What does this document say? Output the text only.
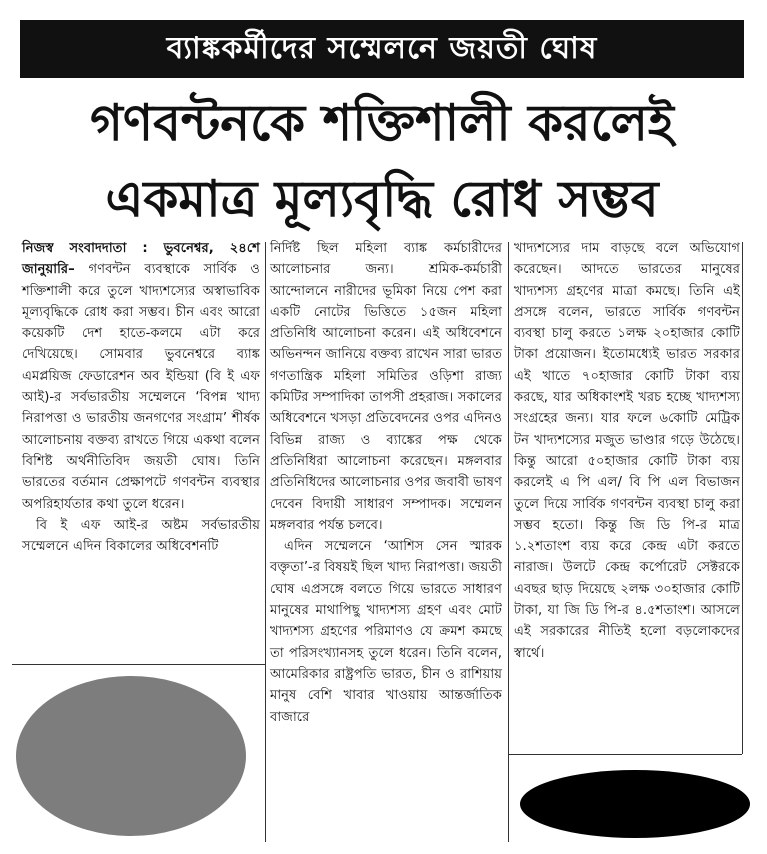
ব্যাঙ্ককর্মীদের সম্মেলনে জয়তী ঘোষ
গণবন্টনকে শক্তিশালী করলেই
একমাত্র মূল্যবৃদ্ধি রোধ সম্ভব

নিজস্ব সংবাদদাতা : ভুবনেশ্বর, ২৪শে জানুয়ারি– গণবন্টন ব্যবস্থাকে সার্বিক ও শক্তিশালী করে তুলে খাদ্যশস্যের অস্বাভাবিক মূল্যবৃদ্ধিকে রোধ করা সম্ভব। চীন এবং আরো কয়েকটি দেশ হাতে-কলমে এটা করে দেখিয়েছে। সোমবার ভুবনেশ্বরে ব্যাঙ্ক এমপ্লয়িজ ফেডারেশন অব ইন্ডিয়া (বি ই এফ আই)-র সর্বভারতীয় সম্মেলনে ‘বিপন্ন খাদ্য নিরাপত্তা ও ভারতীয় জনগণের সংগ্রাম’ শীর্ষক আলোচনায় বক্তব্য রাখতে গিয়ে একথা বলেন বিশিষ্ট অর্থনীতিবিদ জয়তী ঘোষ। তিনি ভারতের বর্তমান প্রেক্ষাপটে গণবন্টন ব্যবস্থার অপরিহার্যতার কথা তুলে ধরেন।

বি ই এফ আই-র অষ্টম সর্বভারতীয় সম্মেলনে এদিন বিকালের অধিবেশনটি

নির্দিষ্ট ছিল মহিলা ব্যাঙ্ক কর্মচারীদের আলোচনার জন্য। শ্রমিক-কর্মচারী আন্দোলনে নারীদের ভূমিকা নিয়ে পেশ করা একটি নোটের ভিত্তিতে ১৫জন মহিলা প্রতিনিধি আলোচনা করেন। এই অধিবেশনে অভিনন্দন জানিয়ে বক্তব্য রাখেন সারা ভারত গণতান্ত্রিক মহিলা সমিতির ওড়িশা রাজ্য কমিটির সম্পাদিকা তাপসী প্রহরাজ। সকালের অধিবেশনে খসড়া প্রতিবেদনের ওপর এদিনও বিভিন্ন রাজ্য ও ব্যাঙ্কের পক্ষ থেকে প্রতিনিধিরা আলোচনা করেছেন। মঙ্গলবার প্রতিনিধিদের আলোচনার ওপর জবাবী ভাষণ দেবেন বিদায়ী সাধারণ সম্পাদক। সম্মেলন মঙ্গলবার পর্যন্ত চলবে।

এদিন সম্মেলনে ‘আশিস সেন স্মারক বক্তৃতা’-র বিষয়ই ছিল খাদ্য নিরাপত্তা। জয়তী ঘোষ এপ্রসঙ্গে বলতে গিয়ে ভারতে সাধারণ মানুষের মাথাপিছু খাদ্যশস্য গ্রহণ এবং মোট খাদ্যশস্য গ্রহণের পরিমাণও যে ক্রমশ কমছে তা পরিসংখ্যানসহ তুলে ধরেন। তিনি বলেন, আমেরিকার রাষ্ট্রপতি ভারত, চীন ও রাশিয়ায় মানুষ বেশি খাবার খাওয়ায় আন্তর্জাতিক বাজারে

খাদ্যশস্যের দাম বাড়ছে বলে অভিযোগ করেছেন। আদতে ভারতের মানুষের খাদ্যশস্য গ্রহণের মাত্রা কমছে। তিনি এই প্রসঙ্গে বলেন, ভারতে সার্বিক গণবন্টন ব্যবস্থা চালু করতে ১লক্ষ ২০হাজার কোটি টাকা প্রয়োজন। ইতোমধ্যেই ভারত সরকার এই খাতে ৭০হাজার কোটি টাকা ব্যয় করছে, যার অধিকাংশই খরচ হচ্ছে খাদ্যশস্য সংগ্রহের জন্য। যার ফলে ৬কোটি মেট্রিক টন খাদ্যশস্যের মজুত ভাণ্ডার গড়ে উঠেছে। কিন্তু আরো ৫০হাজার কোটি টাকা ব্যয় করলেই এ পি এল/ বি পি এল বিভাজন তুলে দিয়ে সার্বিক গণবন্টন ব্যবস্থা চালু করা সম্ভব হতো। কিন্তু জি ডি পি-র মাত্র ১.২শতাংশ ব্যয় করে কেন্দ্র এটা করতে নারাজ। উলটে কেন্দ্র কর্পোরেট সেক্টরকে এবছর ছাড় দিয়েছে ২লক্ষ ৩০হাজার কোটি টাকা, যা জি ডি পি-র ৪.৫শতাংশ। আসলে এই সরকারের নীতিই হলো বড়লোকদের স্বার্থে।
